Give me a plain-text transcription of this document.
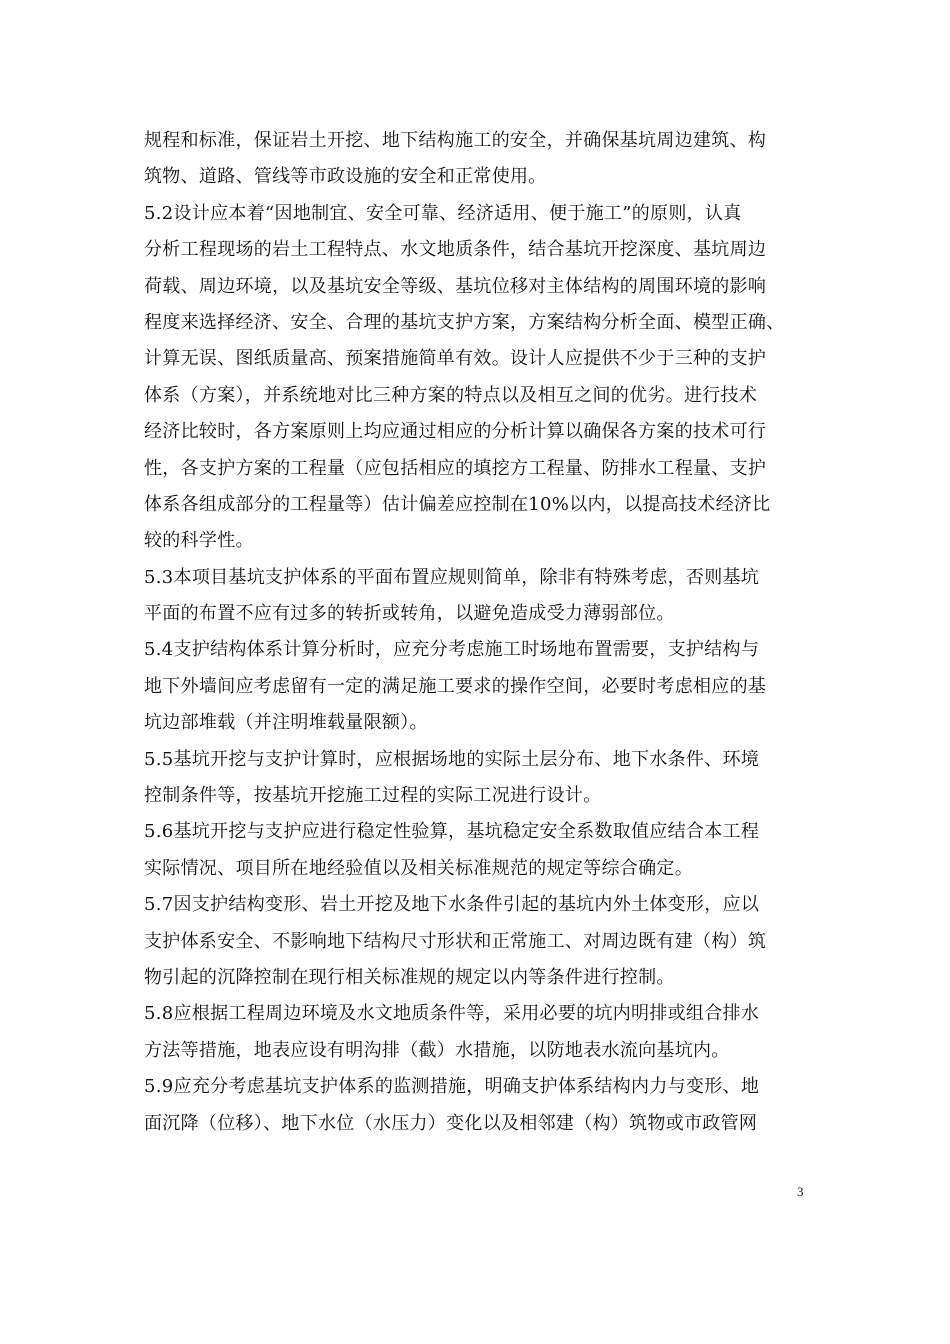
规程和标准，保证岩土开挖、地下结构施工的安全，并确保基坑周边建筑、构
筑物、道路、管线等市政设施的安全和正常使用。
5.2设计应本着“因地制宜、安全可靠、经济适用、便于施工”的原则，认真
分析工程现场的岩土工程特点、水文地质条件，结合基坑开挖深度、基坑周边
荷载、周边环境，以及基坑安全等级、基坑位移对主体结构的周围环境的影响
程度来选择经济、安全、合理的基坑支护方案，方案结构分析全面、模型正确、
计算无误、图纸质量高、预案措施简单有效。设计人应提供不少于三种的支护
体系（方案），并系统地对比三种方案的特点以及相互之间的优劣。进行技术
经济比较时，各方案原则上均应通过相应的分析计算以确保各方案的技术可行
性，各支护方案的工程量（应包括相应的填挖方工程量、防排水工程量、支护
体系各组成部分的工程量等）估计偏差应控制在10%以内，以提高技术经济比
较的科学性。
5.3本项目基坑支护体系的平面布置应规则简单，除非有特殊考虑，否则基坑
平面的布置不应有过多的转折或转角，以避免造成受力薄弱部位。
5.4支护结构体系计算分析时，应充分考虑施工时场地布置需要，支护结构与
地下外墙间应考虑留有一定的满足施工要求的操作空间，必要时考虑相应的基
坑边部堆载（并注明堆载量限额）。
5.5基坑开挖与支护计算时，应根据场地的实际土层分布、地下水条件、环境
控制条件等，按基坑开挖施工过程的实际工况进行设计。
5.6基坑开挖与支护应进行稳定性验算，基坑稳定安全系数取值应结合本工程
实际情况、项目所在地经验值以及相关标准规范的规定等综合确定。
5.7因支护结构变形、岩土开挖及地下水条件引起的基坑内外土体变形，应以
支护体系安全、不影响地下结构尺寸形状和正常施工、对周边既有建（构）筑
物引起的沉降控制在现行相关标准规的规定以内等条件进行控制。
5.8应根据工程周边环境及水文地质条件等，采用必要的坑内明排或组合排水
方法等措施，地表应设有明沟排（截）水措施，以防地表水流向基坑内。
5.9应充分考虑基坑支护体系的监测措施，明确支护体系结构内力与变形、地
面沉降（位移）、地下水位（水压力）变化以及相邻建（构）筑物或市政管网
3
